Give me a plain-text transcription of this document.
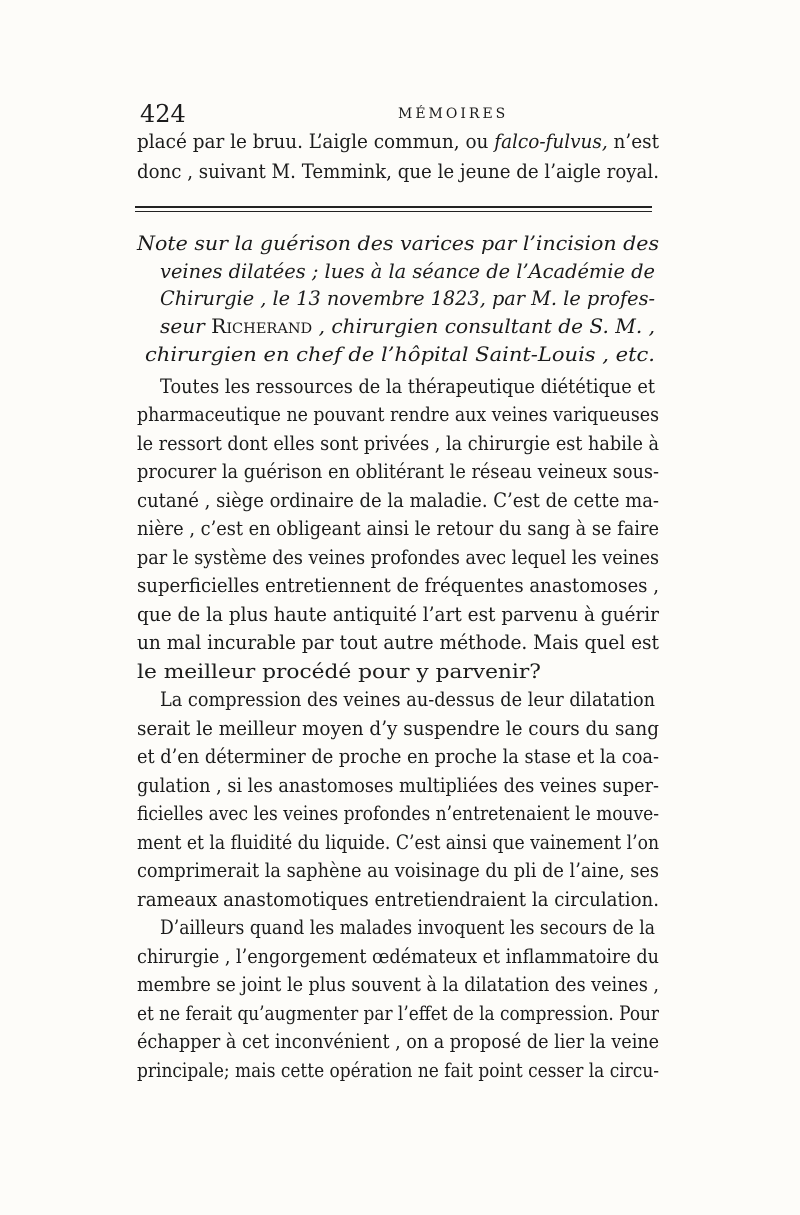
424	MÉMOIRES
placé par le bruu. L’aigle commun, ou falco-fulvus, n’est
donc , suivant M. Temmink, que le jeune de l’aigle royal.
Note sur la guérison des varices par l’incision des
veines dilatées ; lues à la séance de l’Académie de
Chirurgie , le 13 novembre 1823, par M. le profes-
seur Richerand , chirurgien consultant de S. M. ,
chirurgien en chef de l’hôpital Saint-Louis , etc.
Toutes les ressources de la thérapeutique diététique et
pharmaceutique ne pouvant rendre aux veines variqueuses
le ressort dont elles sont privées , la chirurgie est habile à
procurer la guérison en oblitérant le réseau veineux sous-
cutané , siège ordinaire de la maladie. C’est de cette ma-
nière , c’est en obligeant ainsi le retour du sang à se faire
par le système des veines profondes avec lequel les veines
superficielles entretiennent de fréquentes anastomoses ,
que de la plus haute antiquité l’art est parvenu à guérir
un mal incurable par tout autre méthode. Mais quel est
le meilleur procédé pour y parvenir?
La compression des veines au-dessus de leur dilatation
serait le meilleur moyen d’y suspendre le cours du sang
et d’en déterminer de proche en proche la stase et la coa-
gulation , si les anastomoses multipliées des veines super-
ficielles avec les veines profondes n’entretenaient le mouve-
ment et la fluidité du liquide. C’est ainsi que vainement l’on
comprimerait la saphène au voisinage du pli de l’aine, ses
rameaux anastomotiques entretiendraient la circulation.
D’ailleurs quand les malades invoquent les secours de la
chirurgie , l’engorgement œdémateux et inflammatoire du
membre se joint le plus souvent à la dilatation des veines ,
et ne ferait qu’augmenter par l’effet de la compression. Pour
échapper à cet inconvénient , on a proposé de lier la veine
principale; mais cette opération ne fait point cesser la circu-
